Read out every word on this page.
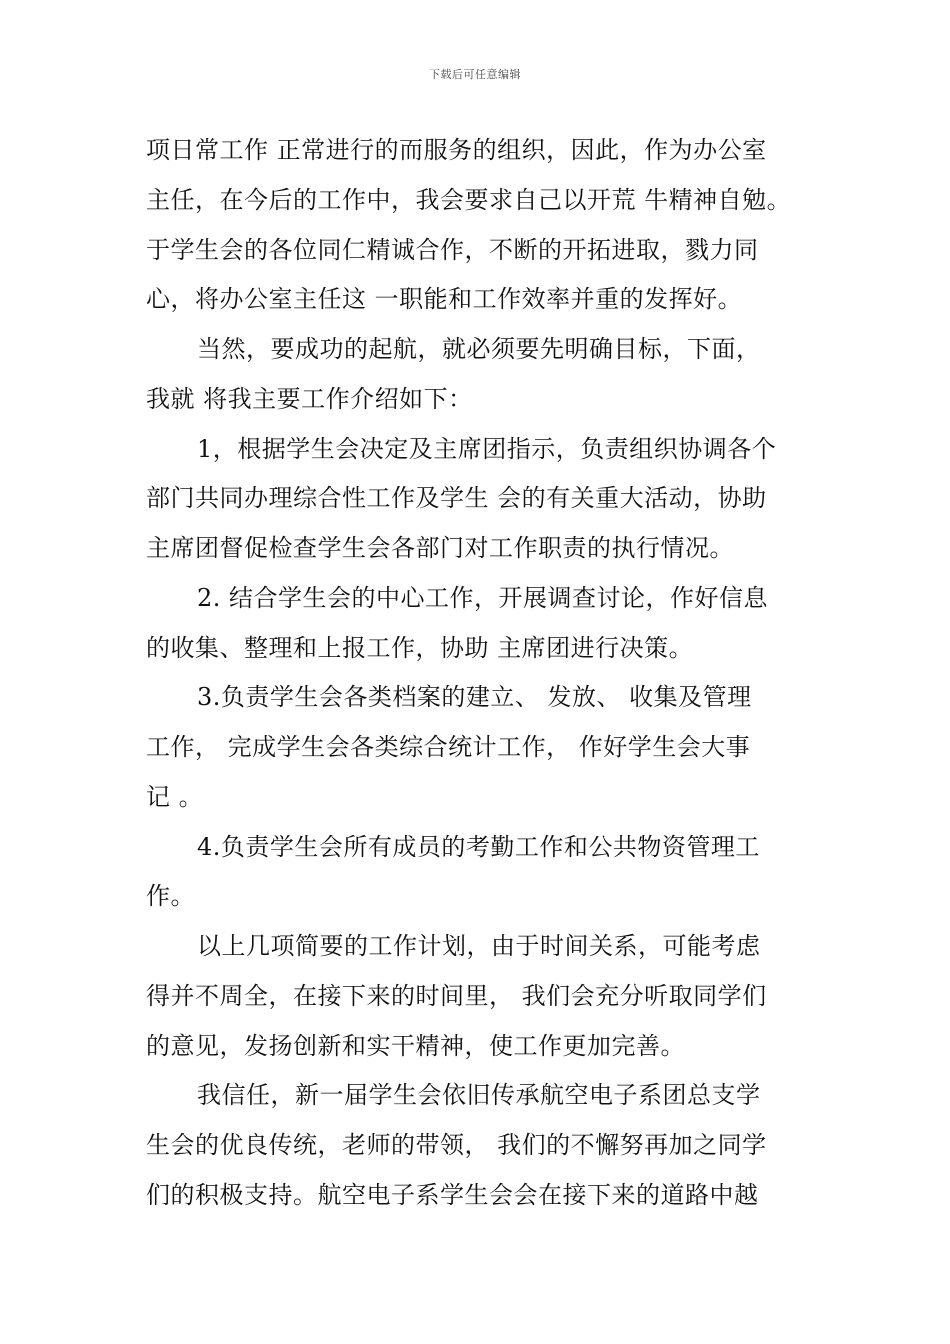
下载后可任意编辑
项日常工作 正常进行的而服务的组织，因此，作为办公室
主任，在今后的工作中，我会要求自己以开荒 牛精神自勉。
于学生会的各位同仁精诚合作，不断的开拓进取，戮力同
心，将办公室主任这 一职能和工作效率并重的发挥好。
当然，要成功的起航，就必须要先明确目标，下面，
我就 将我主要工作介绍如下：
1，根据学生会决定及主席团指示，负责组织协调各个
部门共同办理综合性工作及学生 会的有关重大活动，协助
主席团督促检查学生会各部门对工作职责的执行情况。
2. 结合学生会的中心工作，开展调查讨论，作好信息
的收集、整理和上报工作，协助 主席团进行决策。
3.负责学生会各类档案的建立、 发放、 收集及管理
工作， 完成学生会各类综合统计工作， 作好学生会大事
记 。
4.负责学生会所有成员的考勤工作和公共物资管理工
作。
以上几项简要的工作计划，由于时间关系，可能考虑
得并不周全，在接下来的时间里， 我们会充分听取同学们
的意见，发扬创新和实干精神，使工作更加完善。
我信任，新一届学生会依旧传承航空电子系团总支学
生会的优良传统，老师的带领， 我们的不懈努再加之同学
们的积极支持。航空电子系学生会会在接下来的道路中越
